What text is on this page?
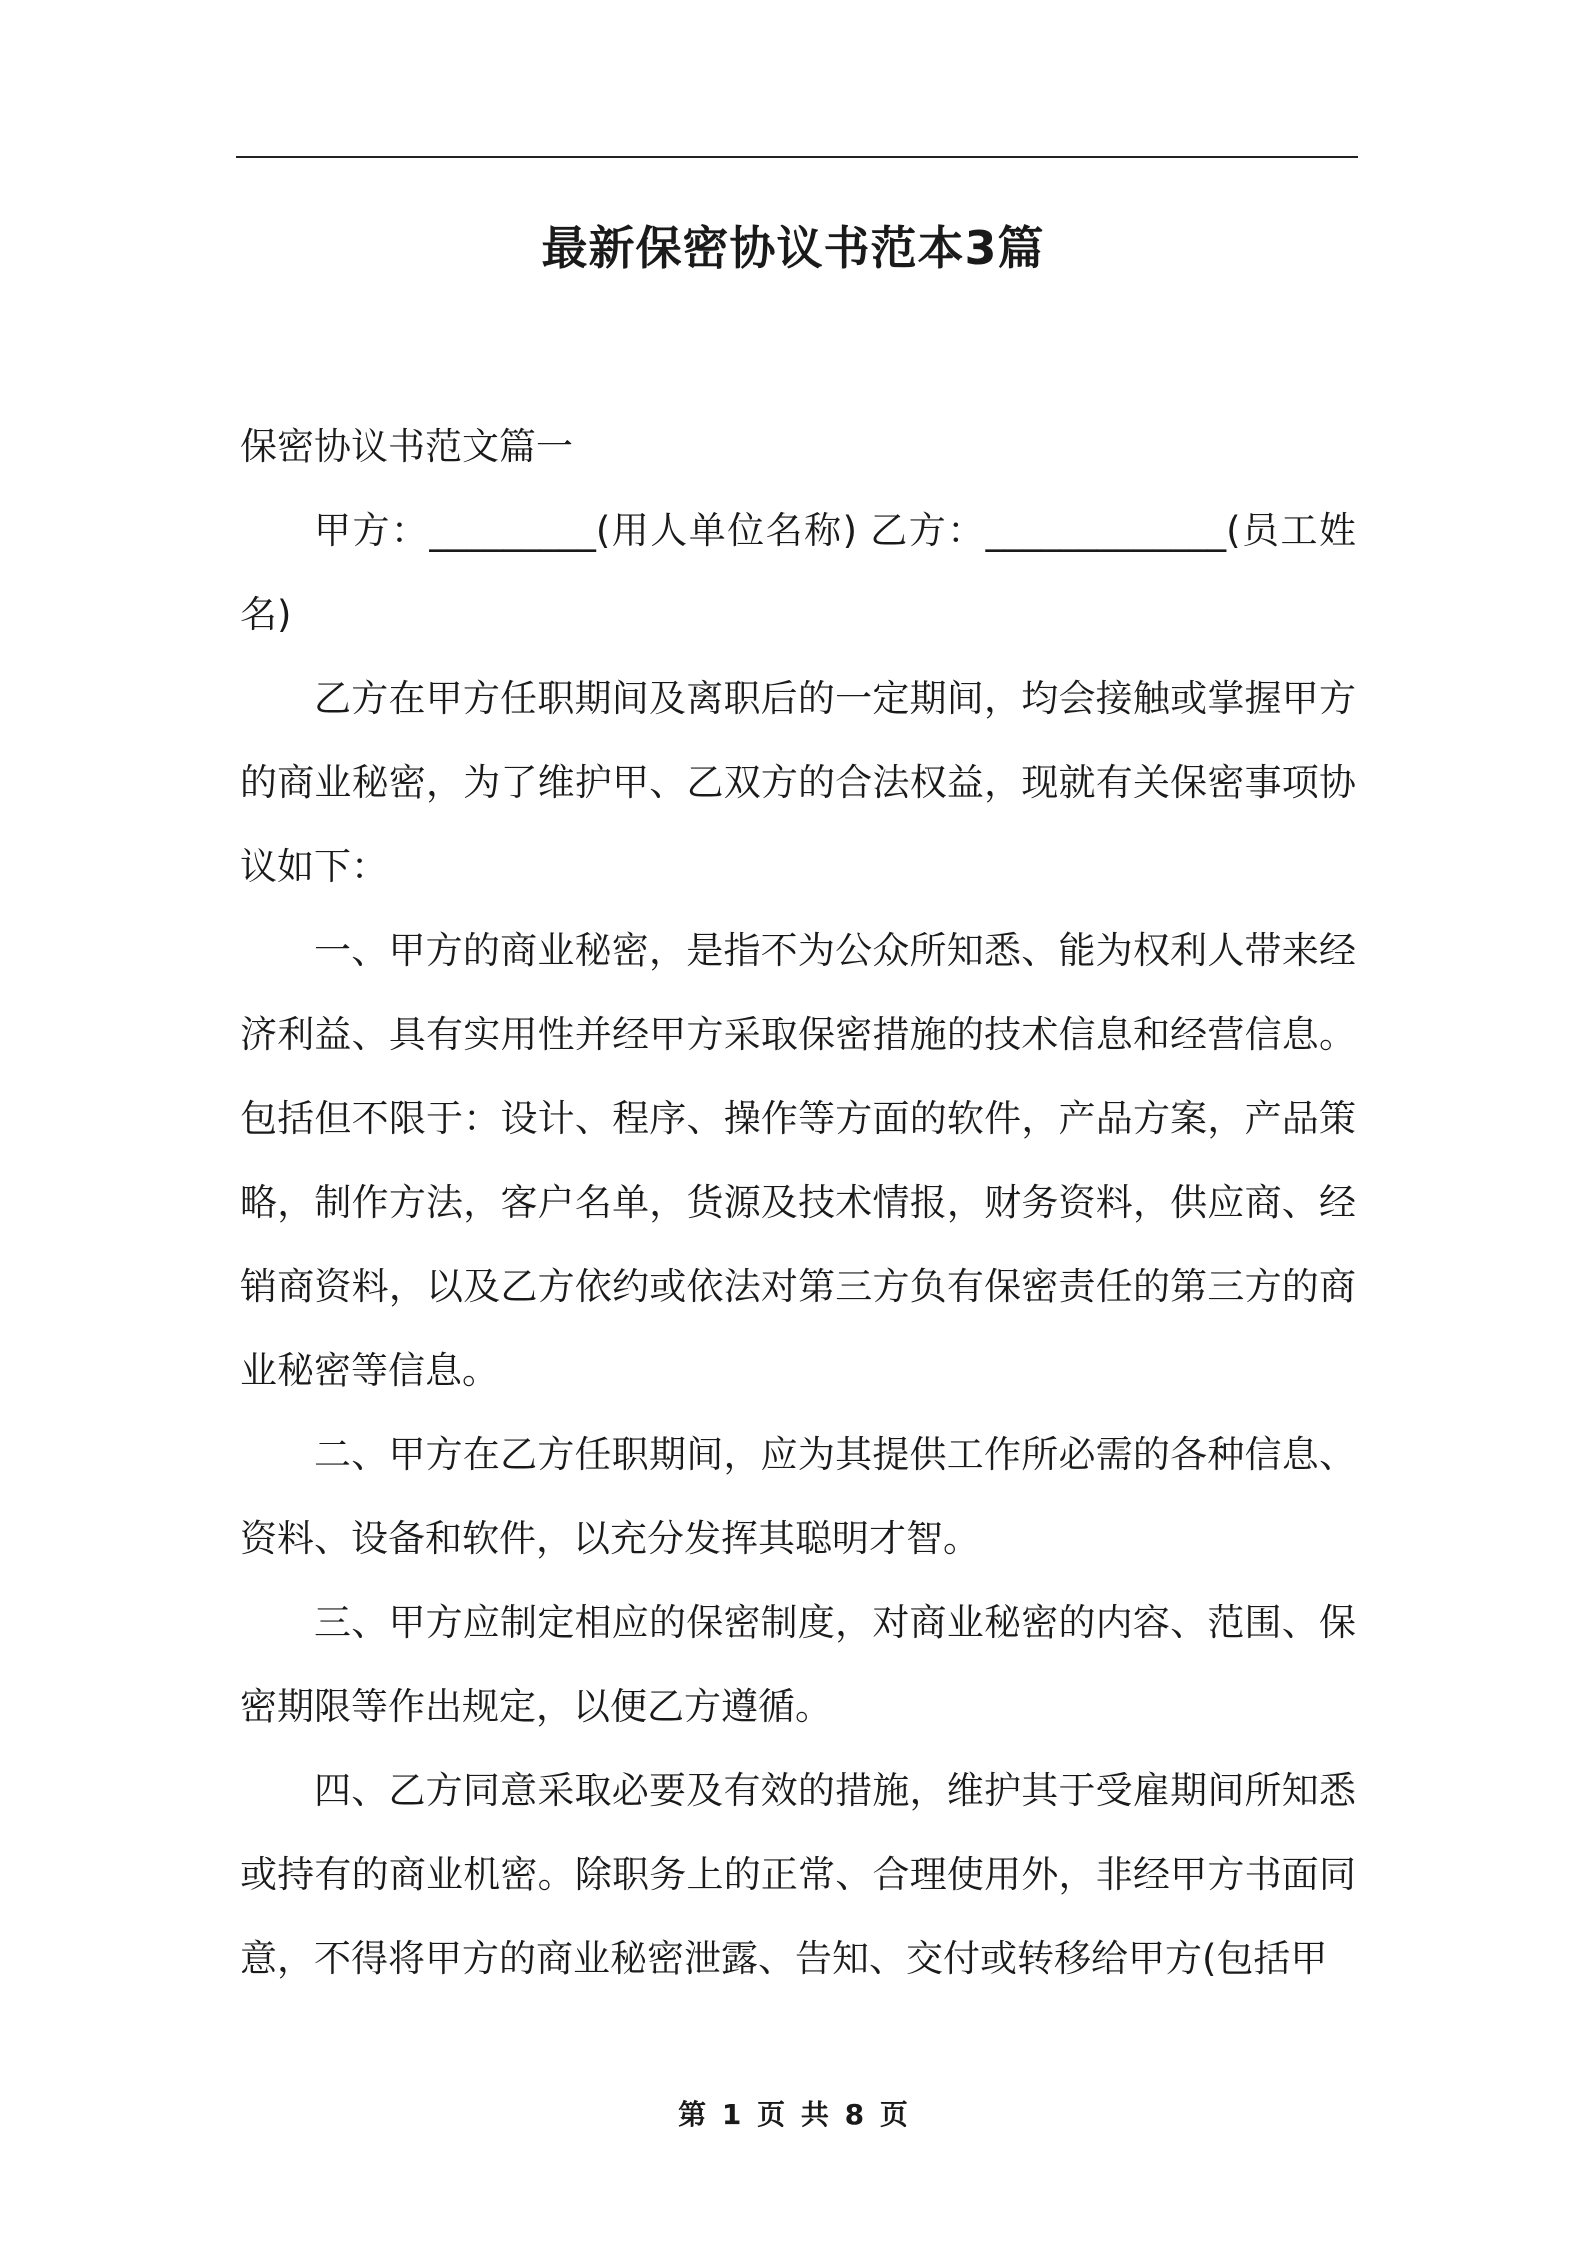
最新保密协议书范本3篇

保密协议书范文篇一

甲方：_________(用人单位名称) 乙方：_____________(员工姓名)

乙方在甲方任职期间及离职后的一定期间，均会接触或掌握甲方的商业秘密，为了维护甲、乙双方的合法权益，现就有关保密事项协议如下：

一、甲方的商业秘密，是指不为公众所知悉、能为权利人带来经济利益、具有实用性并经甲方采取保密措施的技术信息和经营信息。包括但不限于：设计、程序、操作等方面的软件，产品方案，产品策略，制作方法，客户名单，货源及技术情报，财务资料，供应商、经销商资料，以及乙方依约或依法对第三方负有保密责任的第三方的商业秘密等信息。

二、甲方在乙方任职期间，应为其提供工作所必需的各种信息、资料、设备和软件，以充分发挥其聪明才智。

三、甲方应制定相应的保密制度，对商业秘密的内容、范围、保密期限等作出规定，以便乙方遵循。

四、乙方同意采取必要及有效的措施，维护其于受雇期间所知悉或持有的商业机密。除职务上的正常、合理使用外，非经甲方书面同意，不得将甲方的商业秘密泄露、告知、交付或转移给甲方(包括甲

第 1 页 共 8 页
